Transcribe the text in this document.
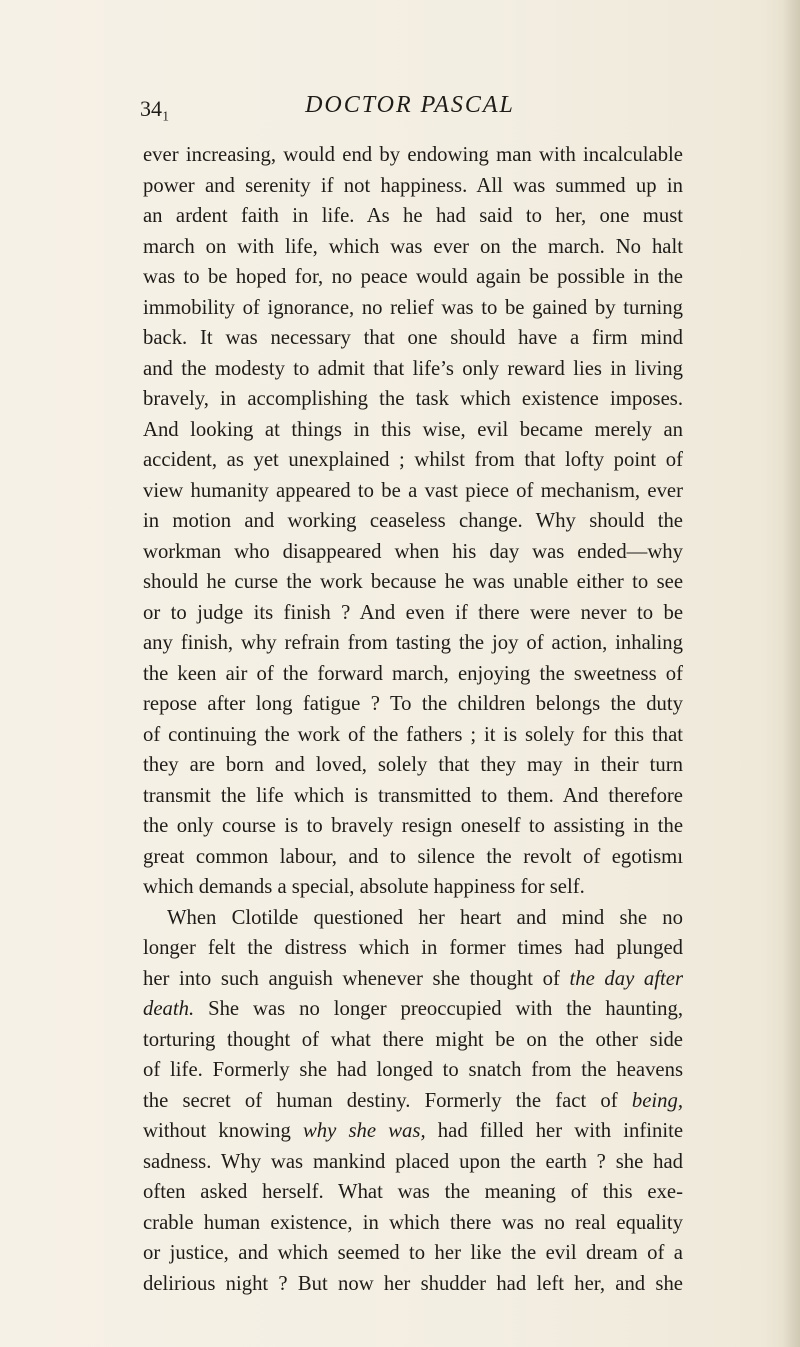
34₁	DOCTOR PASCAL
ever increasing, would end by endowing man with incalculable
power and serenity if not happiness. All was summed up in
an ardent faith in life. As he had said to her, one must
march on with life, which was ever on the march. No halt
was to be hoped for, no peace would again be possible in the
immobility of ignorance, no relief was to be gained by turning
back. It was necessary that one should have a firm mind
and the modesty to admit that life’s only reward lies in living
bravely, in accomplishing the task which existence imposes.
And looking at things in this wise, evil became merely an
accident, as yet unexplained ; whilst from that lofty point of
view humanity appeared to be a vast piece of mechanism, ever
in motion and working ceaseless change. Why should the
workman who disappeared when his day was ended—why
should he curse the work because he was unable either to see
or to judge its finish ? And even if there were never to be
any finish, why refrain from tasting the joy of action, inhaling
the keen air of the forward march, enjoying the sweetness of
repose after long fatigue ? To the children belongs the duty
of continuing the work of the fathers ; it is solely for this that
they are born and loved, solely that they may in their turn
transmit the life which is transmitted to them. And therefore
the only course is to bravely resign oneself to assisting in the
great common labour, and to silence the revolt of egotismı
which demands a special, absolute happiness for self.
When Clotilde questioned her heart and mind she no
longer felt the distress which in former times had plunged
her into such anguish whenever she thought of the day after
death. She was no longer preoccupied with the haunting,
torturing thought of what there might be on the other side
of life. Formerly she had longed to snatch from the heavens
the secret of human destiny. Formerly the fact of being,
without knowing why she was, had filled her with infinite
sadness. Why was mankind placed upon the earth ? she had
often asked herself. What was the meaning of this exe-
crable human existence, in which there was no real equality
or justice, and which seemed to her like the evil dream of a
delirious night ? But now her shudder had left her, and she
